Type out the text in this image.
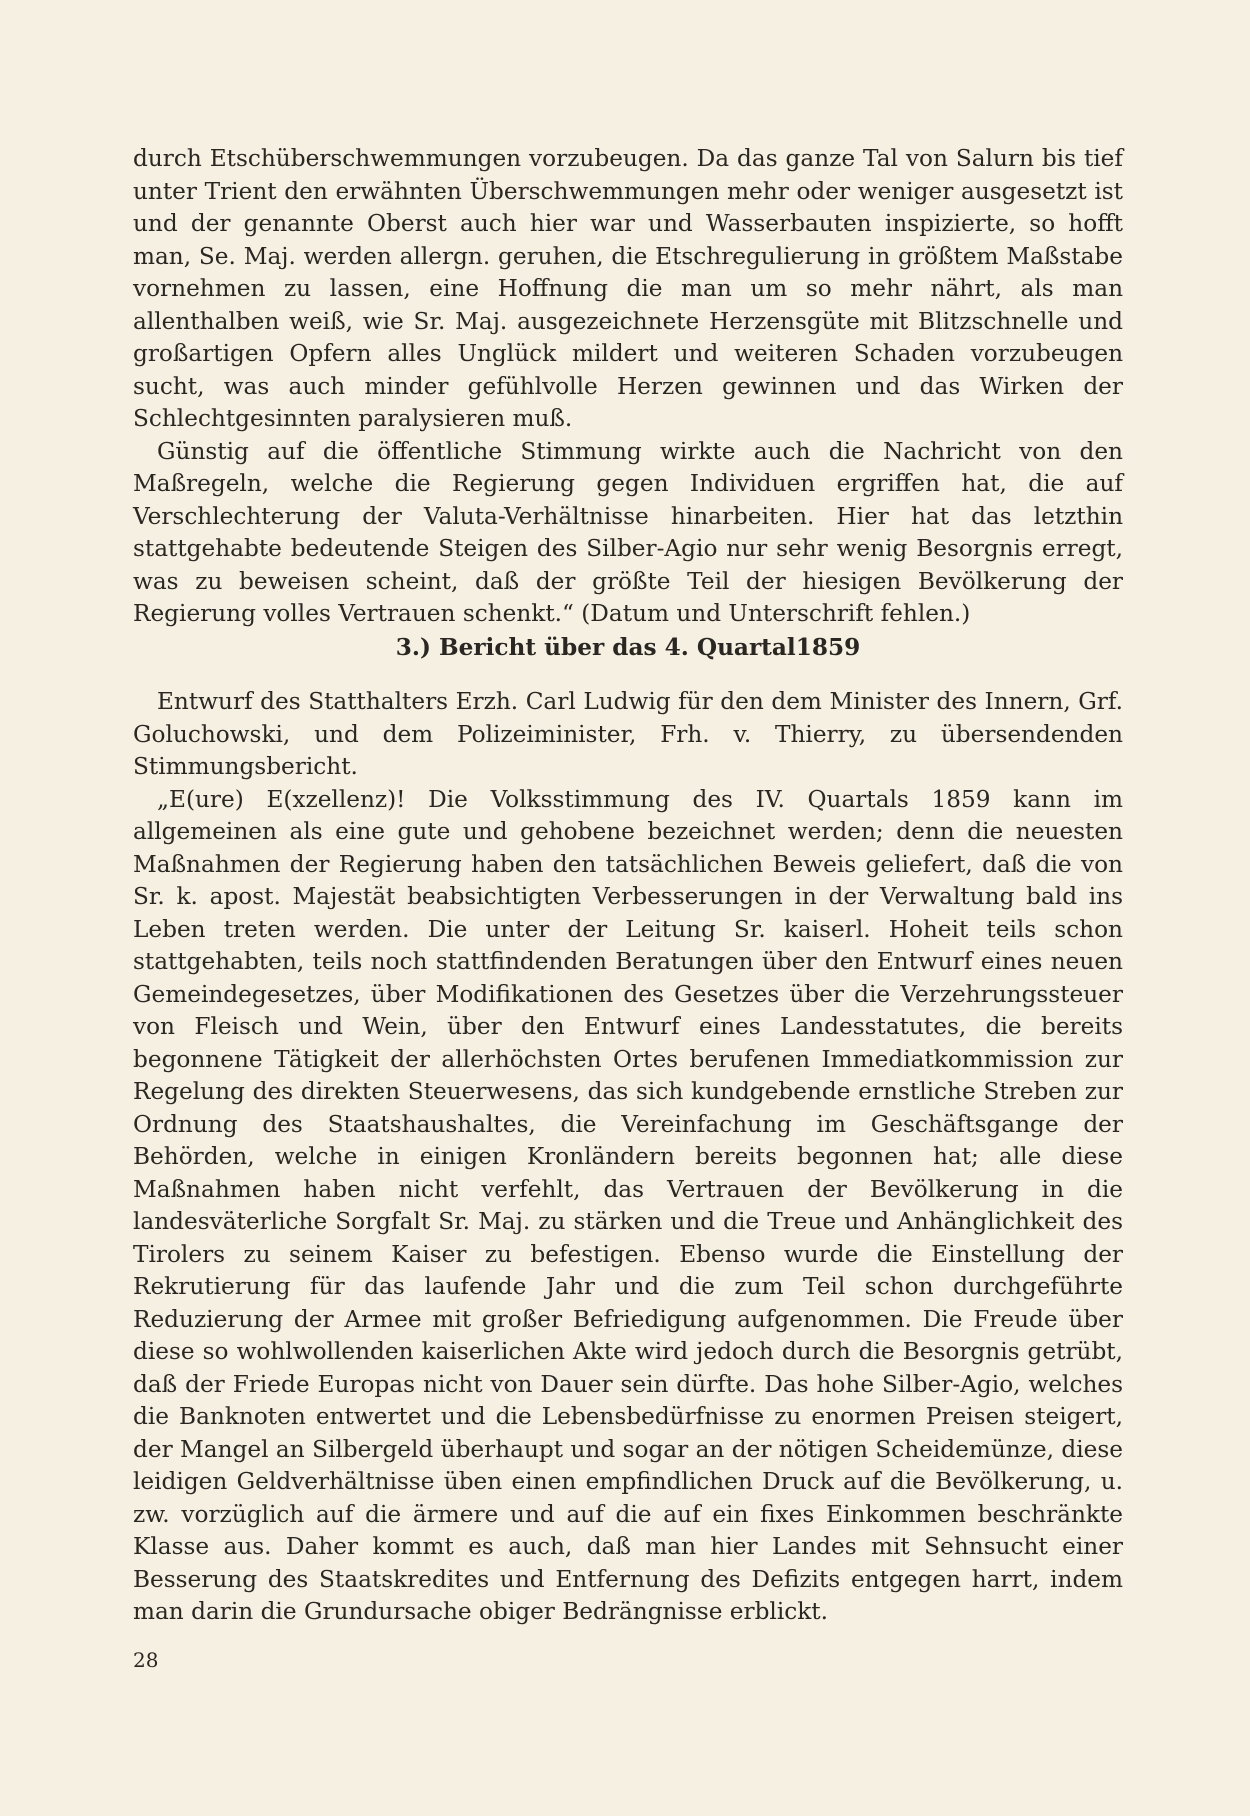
durch Etschüberschwemmungen vorzubeugen. Da das ganze Tal von Salurn bis tief unter Trient den erwähnten Überschwemmungen mehr oder weniger ausgesetzt ist und der genannte Oberst auch hier war und Wasserbauten inspizierte, so hofft man, Se. Maj. werden allergn. geruhen, die Etschregulierung in größtem Maßstabe vornehmen zu lassen, eine Hoffnung die man um so mehr nährt, als man allenthalben weiß, wie Sr. Maj. ausgezeichnete Herzensgüte mit Blitzschnelle und großartigen Opfern alles Unglück mildert und weiteren Schaden vorzubeugen sucht, was auch minder gefühlvolle Herzen gewinnen und das Wirken der Schlechtgesinnten paralysieren muß.

Günstig auf die öffentliche Stimmung wirkte auch die Nachricht von den Maßregeln, welche die Regierung gegen Individuen ergriffen hat, die auf Verschlechterung der Valuta-Verhältnisse hinarbeiten. Hier hat das letzthin stattgehabte bedeutende Steigen des Silber-Agio nur sehr wenig Besorgnis erregt, was zu beweisen scheint, daß der größte Teil der hiesigen Bevölkerung der Regierung volles Vertrauen schenkt.“ (Datum und Unterschrift fehlen.)

3.) Bericht über das 4. Quartal1859

Entwurf des Statthalters Erzh. Carl Ludwig für den dem Minister des Innern, Grf. Goluchowski, und dem Polizeiminister, Frh. v. Thierry, zu übersendenden Stimmungsbericht.

„E(ure) E(xzellenz)! Die Volksstimmung des IV. Quartals 1859 kann im allgemeinen als eine gute und gehobene bezeichnet werden; denn die neuesten Maßnahmen der Regierung haben den tatsächlichen Beweis geliefert, daß die von Sr. k. apost. Majestät beabsichtigten Verbesserungen in der Verwaltung bald ins Leben treten werden. Die unter der Leitung Sr. kaiserl. Hoheit teils schon stattgehabten, teils noch stattfindenden Beratungen über den Entwurf eines neuen Gemeindegesetzes, über Modifikationen des Gesetzes über die Verzehrungssteuer von Fleisch und Wein, über den Entwurf eines Landesstatutes, die bereits begonnene Tätigkeit der allerhöchsten Ortes berufenen Immediatkommission zur Regelung des direkten Steuerwesens, das sich kundgebende ernstliche Streben zur Ordnung des Staatshaushaltes, die Vereinfachung im Geschäftsgange der Behörden, welche in einigen Kronländern bereits begonnen hat; alle diese Maßnahmen haben nicht verfehlt, das Vertrauen der Bevölkerung in die landesväterliche Sorgfalt Sr. Maj. zu stärken und die Treue und Anhänglichkeit des Tirolers zu seinem Kaiser zu befestigen. Ebenso wurde die Einstellung der Rekrutierung für das laufende Jahr und die zum Teil schon durchgeführte Reduzierung der Armee mit großer Befriedigung aufgenommen. Die Freude über diese so wohlwollenden kaiserlichen Akte wird jedoch durch die Besorgnis getrübt, daß der Friede Europas nicht von Dauer sein dürfte. Das hohe Silber-Agio, welches die Banknoten entwertet und die Lebensbedürfnisse zu enormen Preisen steigert, der Mangel an Silbergeld überhaupt und sogar an der nötigen Scheidemünze, diese leidigen Geldverhältnisse üben einen empfindlichen Druck auf die Bevölkerung, u. zw. vorzüglich auf die ärmere und auf die auf ein fixes Einkommen beschränkte Klasse aus. Daher kommt es auch, daß man hier Landes mit Sehnsucht einer Besserung des Staatskredites und Entfernung des Defizits entgegen harrt, indem man darin die Grundursache obiger Bedrängnisse erblickt.

28
